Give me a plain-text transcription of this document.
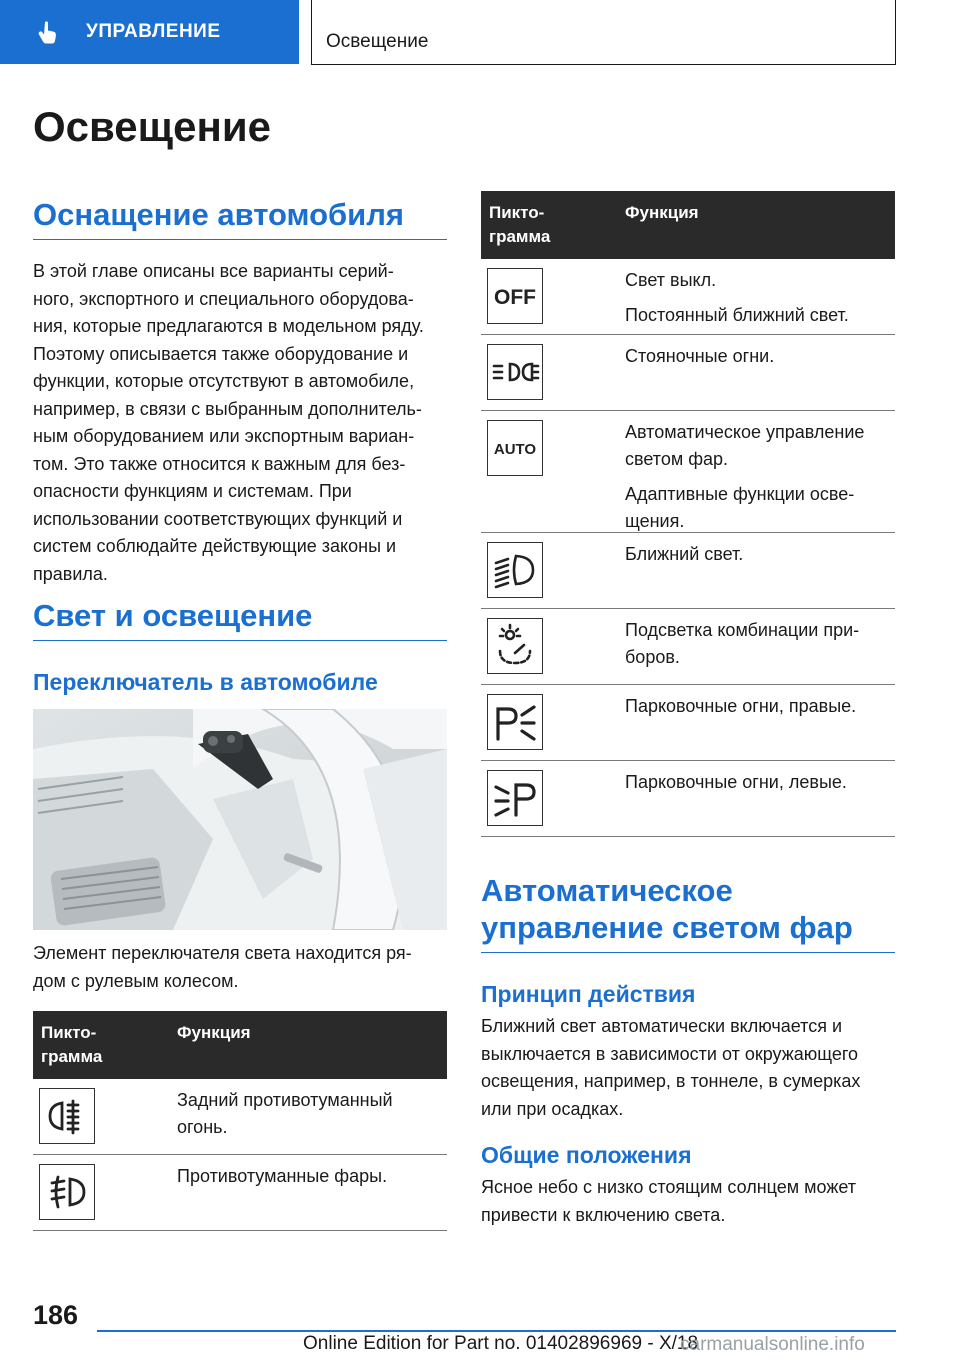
УПРАВЛЕНИЕ	Освещение
Освещение
Оснащение автомобиля
В этой главе описаны все варианты серий-
ного, экспортного и специального оборудова-
ния, которые предлагаются в модельном ряду.
Поэтому описывается также оборудование и
функции, которые отсутствуют в автомобиле,
например, в связи с выбранным дополнитель-
ным оборудованием или экспортным вариан-
том. Это также относится к важным для без-
опасности функциям и системам. При
использовании соответствующих функций и
систем соблюдайте действующие законы и
правила.
Свет и освещение
Переключатель в автомобиле
Элемент переключателя света находится ря-
дом с рулевым колесом.
Пикто-
грамма
Функция
Задний противотуманный
огонь.
Противотуманные фары.
Пикто-
грамма
Функция
OFF
Свет выкл.
Постоянный ближний свет.
Стояночные огни.
AUTO
Автоматическое управление
светом фар.
Адаптивные функции осве-
щения.
Ближний свет.
Подсветка комбинации при-
боров.
Парковочные огни, правые.
Парковочные огни, левые.
Автоматическое
управление светом фар
Принцип действия
Ближний свет автоматически включается и
выключается в зависимости от окружающего
освещения, например, в тоннеле, в сумерках
или при осадках.
Общие положения
Ясное небо с низко стоящим солнцем может
привести к включению света.
186
Online Edition for Part no. 01402896969 - X/18
carmanualsonline.info
